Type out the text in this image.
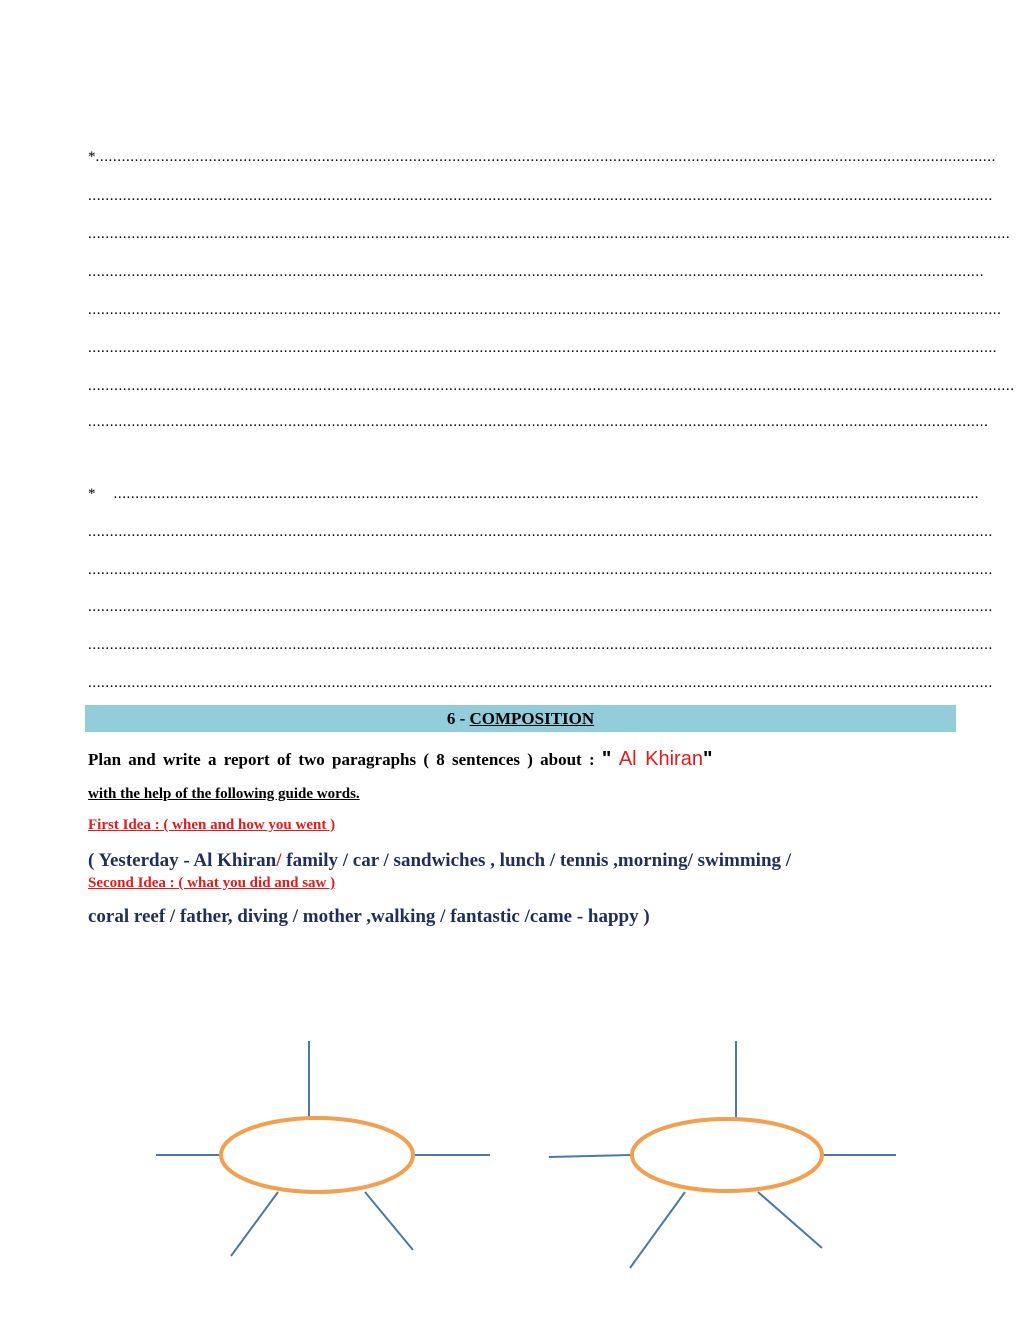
*...............................................................................................................................................................................................................
................................................................................................................................................................................................................
....................................................................................................................................................................................................................
..............................................................................................................................................................................................................
..................................................................................................................................................................................................................
.................................................................................................................................................................................................................
.....................................................................................................................................................................................................................
...............................................................................................................................................................................................................
* .......................................................................................................................................................................................................
................................................................................................................................................................................................................
................................................................................................................................................................................................................
................................................................................................................................................................................................................
................................................................................................................................................................................................................
................................................................................................................................................................................................................
6 - COMPOSITION
Plan and write a report of two paragraphs ( 8 sentences ) about : " Al Khiran"
with the help of the following guide words.
First Idea : ( when and how you went )
( Yesterday - Al Khiran/ family / car / sandwiches , lunch / tennis ,morning/ swimming /
Second Idea : ( what you did and saw )
coral reef / father, diving / mother ,walking / fantastic /came - happy )
